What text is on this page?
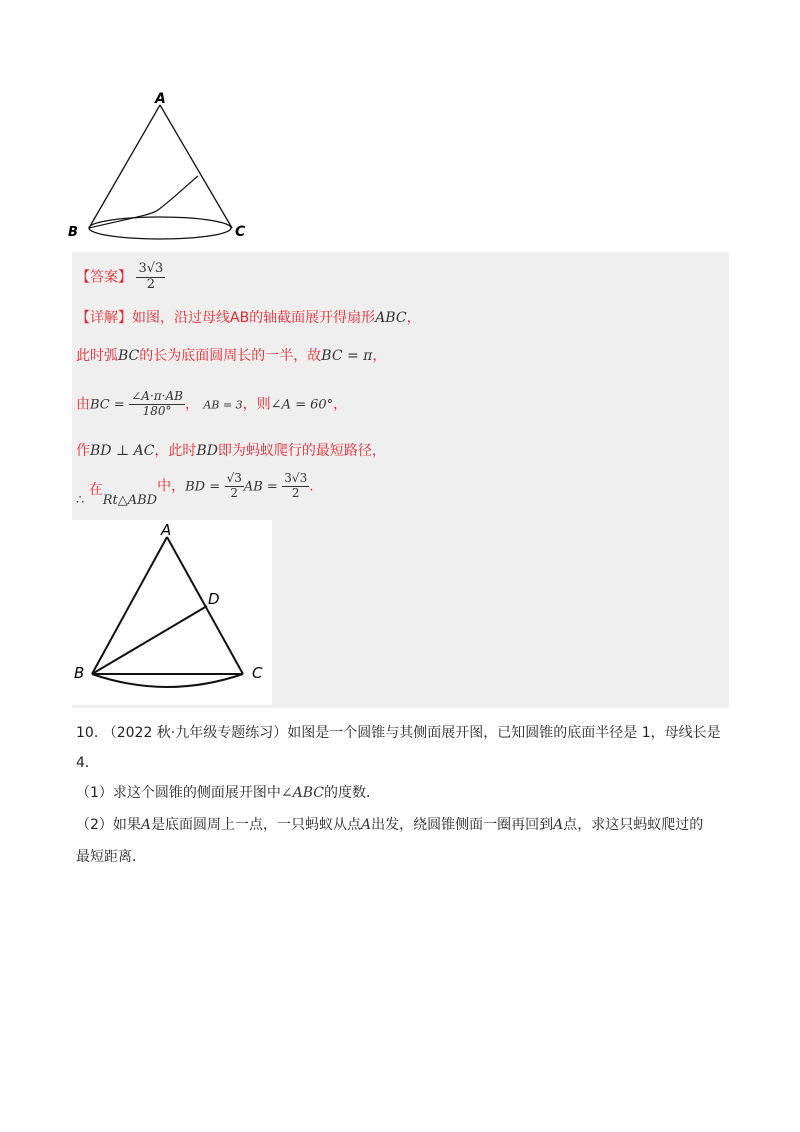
A
B	C
【答案】 $\frac{3√3}{2}$
【详解】如图，沿过母线AB的轴截面展开得扇形ABC，
此时弧BC的长为底面圆周长的一半，故BC = π，
由BC = $\frac{\angle A\cdot\pi\cdot AB}{180^\circ}$ ， AB = 3，则∠A = 60°，
作BD ⊥ AC，此时BD即为蚂蚁爬行的最短路径，
∴ 在Rt△ABD中，BD = $\frac{√3}{2}$ AB = $\frac{3√3}{2}$ .
A
B	C
D
10. （2022 秋·九年级专题练习）如图是一个圆锥与其侧面展开图，已知圆锥的底面半径是 1，母线长是
4．
（1）求这个圆锥的侧面展开图中∠ABC的度数．
（2）如果A是底面圆周上一点，一只蚂蚁从点A出发，绕圆锥侧面一圈再回到A点，求这只蚂蚁爬过的
最短距离．
